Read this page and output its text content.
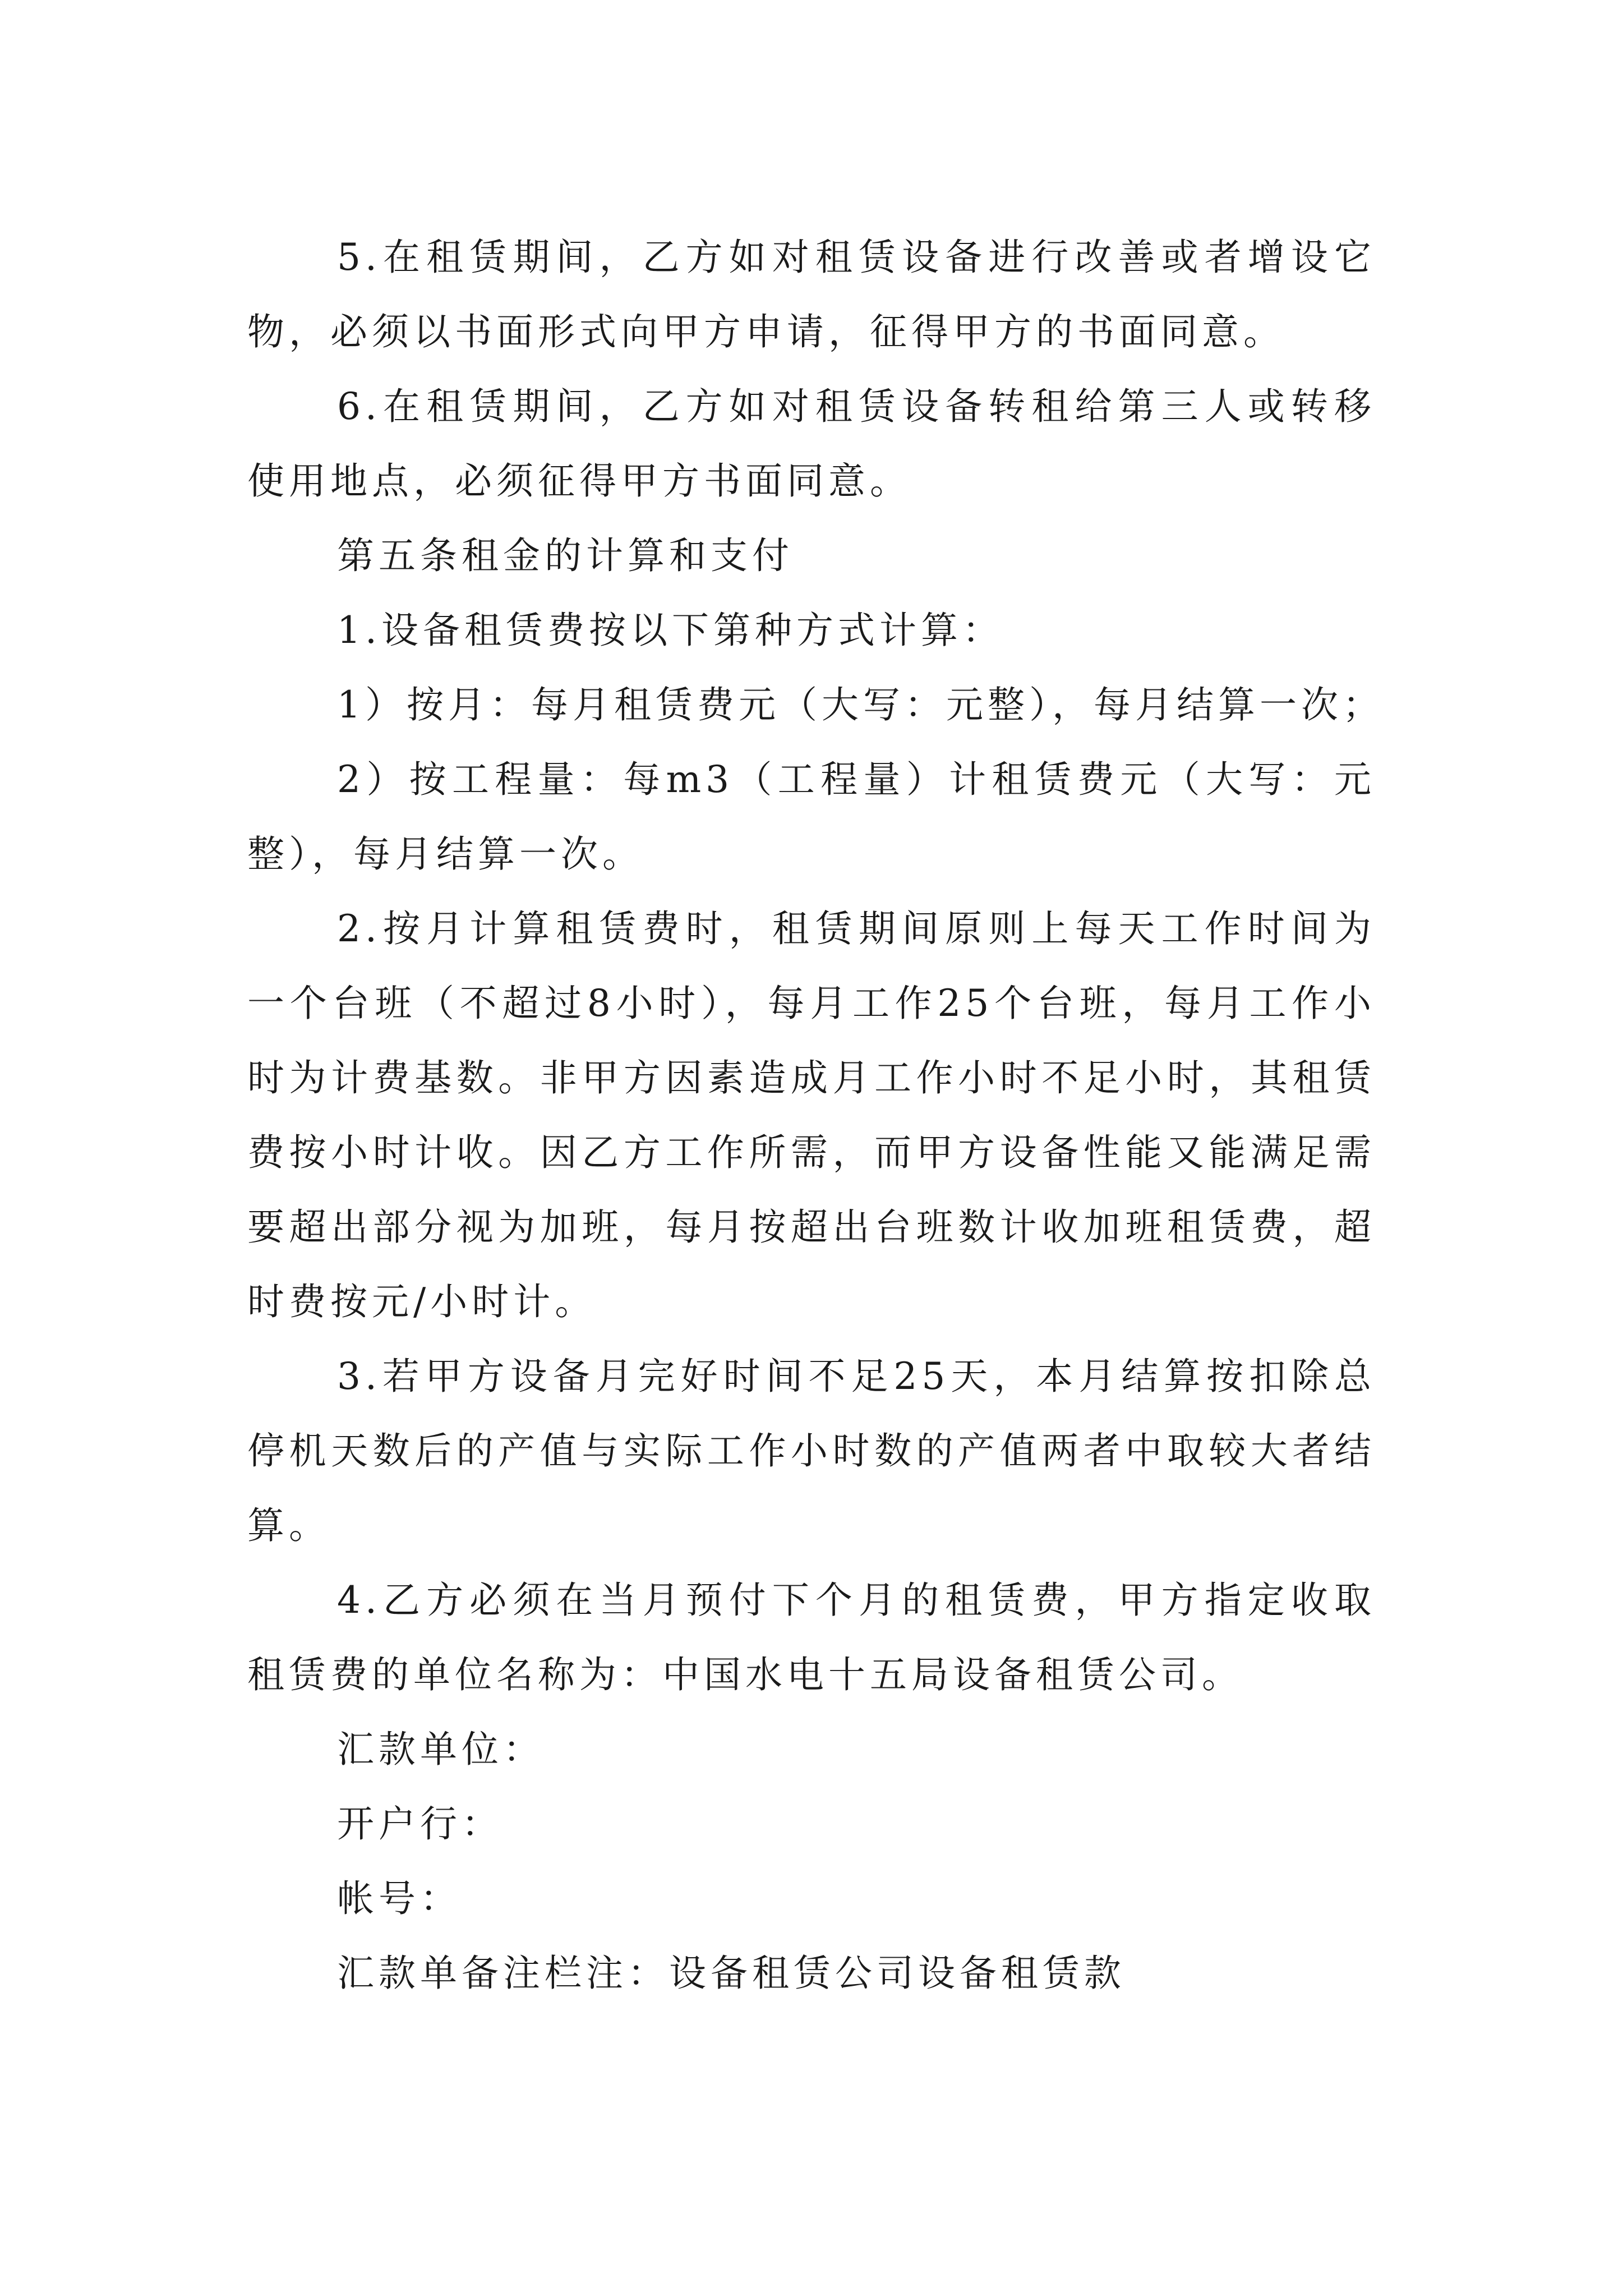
5.在租赁期间，乙方如对租赁设备进行改善或者增设它物，必须以书面形式向甲方申请，征得甲方的书面同意。

6.在租赁期间，乙方如对租赁设备转租给第三人或转移使用地点，必须征得甲方书面同意。

第五条租金的计算和支付

1.设备租赁费按以下第种方式计算：

1）按月：每月租赁费元（大写：元整），每月结算一次；

2）按工程量：每m3（工程量）计租赁费元（大写：元整），每月结算一次。

2.按月计算租赁费时，租赁期间原则上每天工作时间为一个台班（不超过8小时），每月工作25个台班，每月工作小时为计费基数。非甲方因素造成月工作小时不足小时，其租赁费按小时计收。因乙方工作所需，而甲方设备性能又能满足需要超出部分视为加班，每月按超出台班数计收加班租赁费，超时费按元/小时计。

3.若甲方设备月完好时间不足25天，本月结算按扣除总停机天数后的产值与实际工作小时数的产值两者中取较大者结算。

4.乙方必须在当月预付下个月的租赁费，甲方指定收取租赁费的单位名称为：中国水电十五局设备租赁公司。

汇款单位：

开户行：

帐号：

汇款单备注栏注：设备租赁公司设备租赁款
